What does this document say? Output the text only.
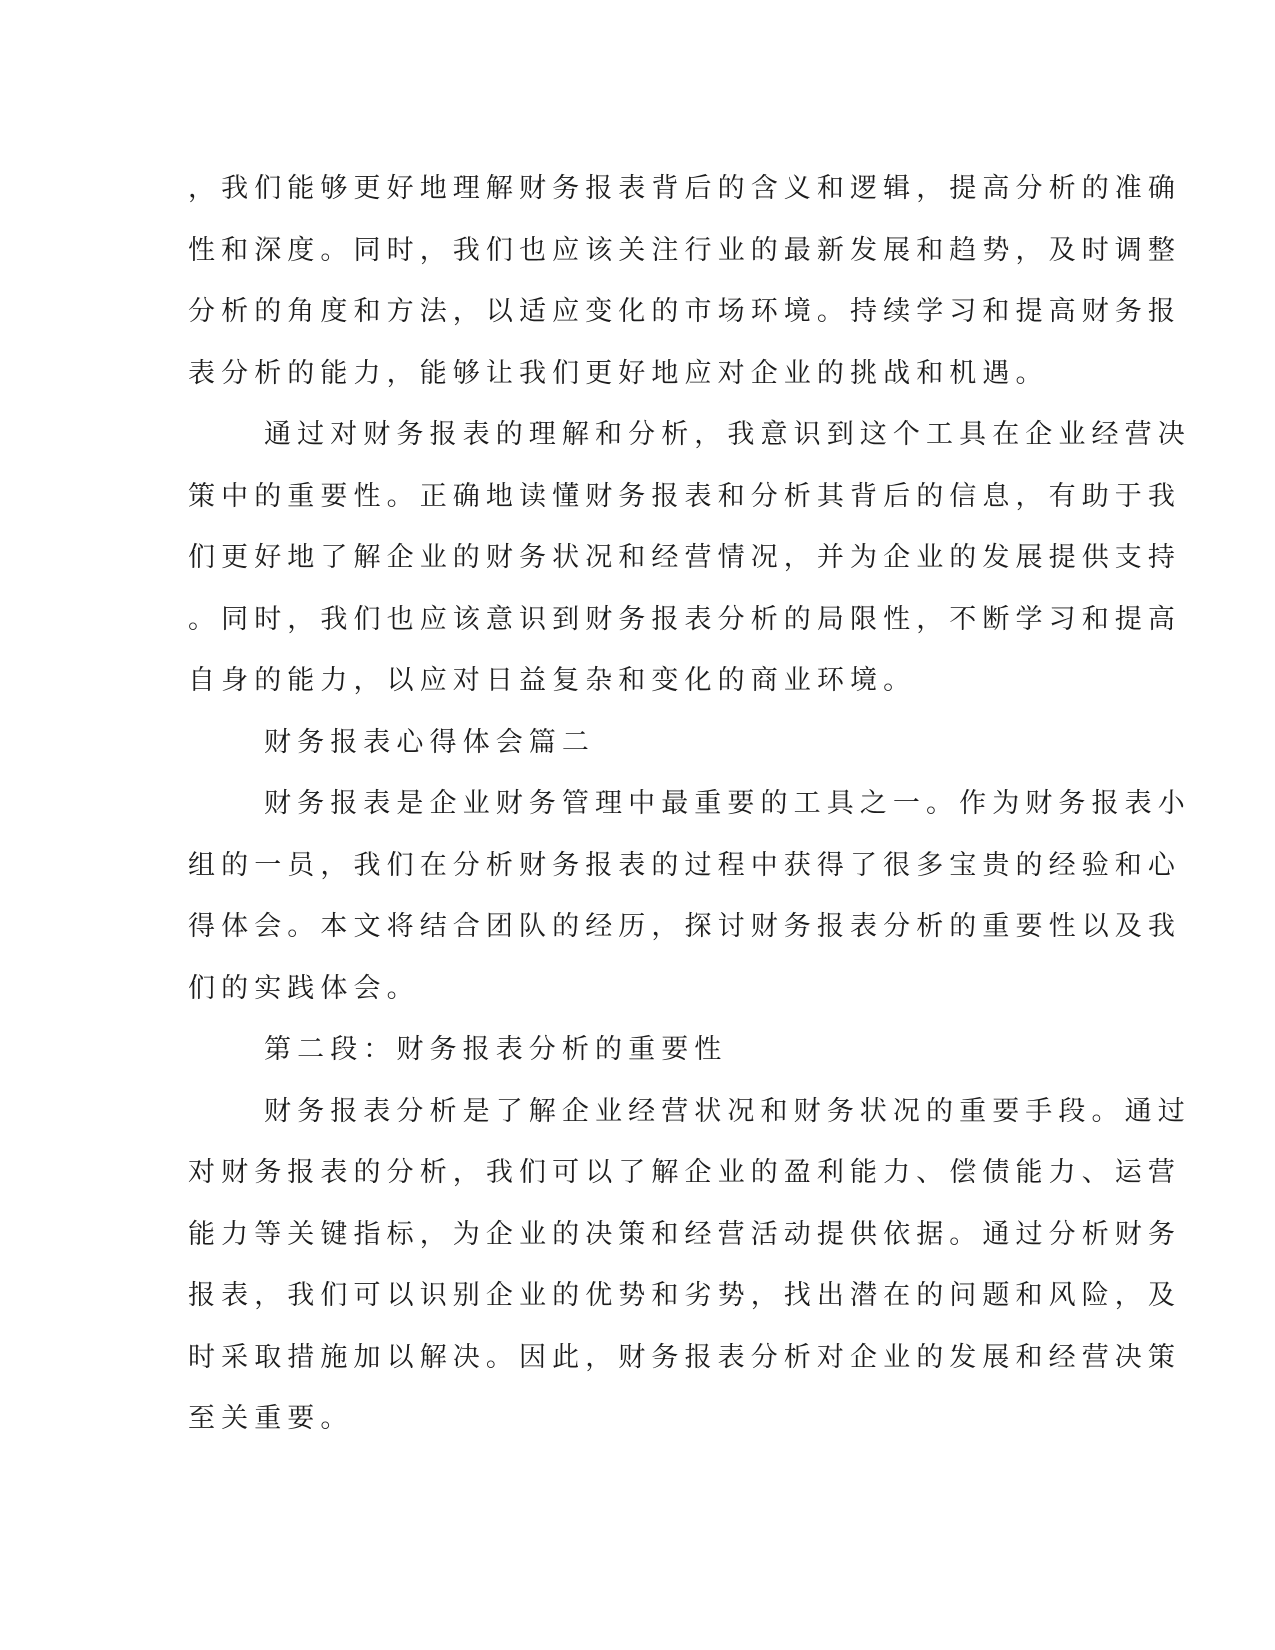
，我们能够更好地理解财务报表背后的含义和逻辑，提高分析的准确
性和深度。同时，我们也应该关注行业的最新发展和趋势，及时调整
分析的角度和方法，以适应变化的市场环境。持续学习和提高财务报
表分析的能力，能够让我们更好地应对企业的挑战和机遇。

通过对财务报表的理解和分析，我意识到这个工具在企业经营决
策中的重要性。正确地读懂财务报表和分析其背后的信息，有助于我
们更好地了解企业的财务状况和经营情况，并为企业的发展提供支持
。同时，我们也应该意识到财务报表分析的局限性，不断学习和提高
自身的能力，以应对日益复杂和变化的商业环境。

财务报表心得体会篇二

财务报表是企业财务管理中最重要的工具之一。作为财务报表小
组的一员，我们在分析财务报表的过程中获得了很多宝贵的经验和心
得体会。本文将结合团队的经历，探讨财务报表分析的重要性以及我
们的实践体会。

第二段：财务报表分析的重要性

财务报表分析是了解企业经营状况和财务状况的重要手段。通过
对财务报表的分析，我们可以了解企业的盈利能力、偿债能力、运营
能力等关键指标，为企业的决策和经营活动提供依据。通过分析财务
报表，我们可以识别企业的优势和劣势，找出潜在的问题和风险，及
时采取措施加以解决。因此，财务报表分析对企业的发展和经营决策
至关重要。
